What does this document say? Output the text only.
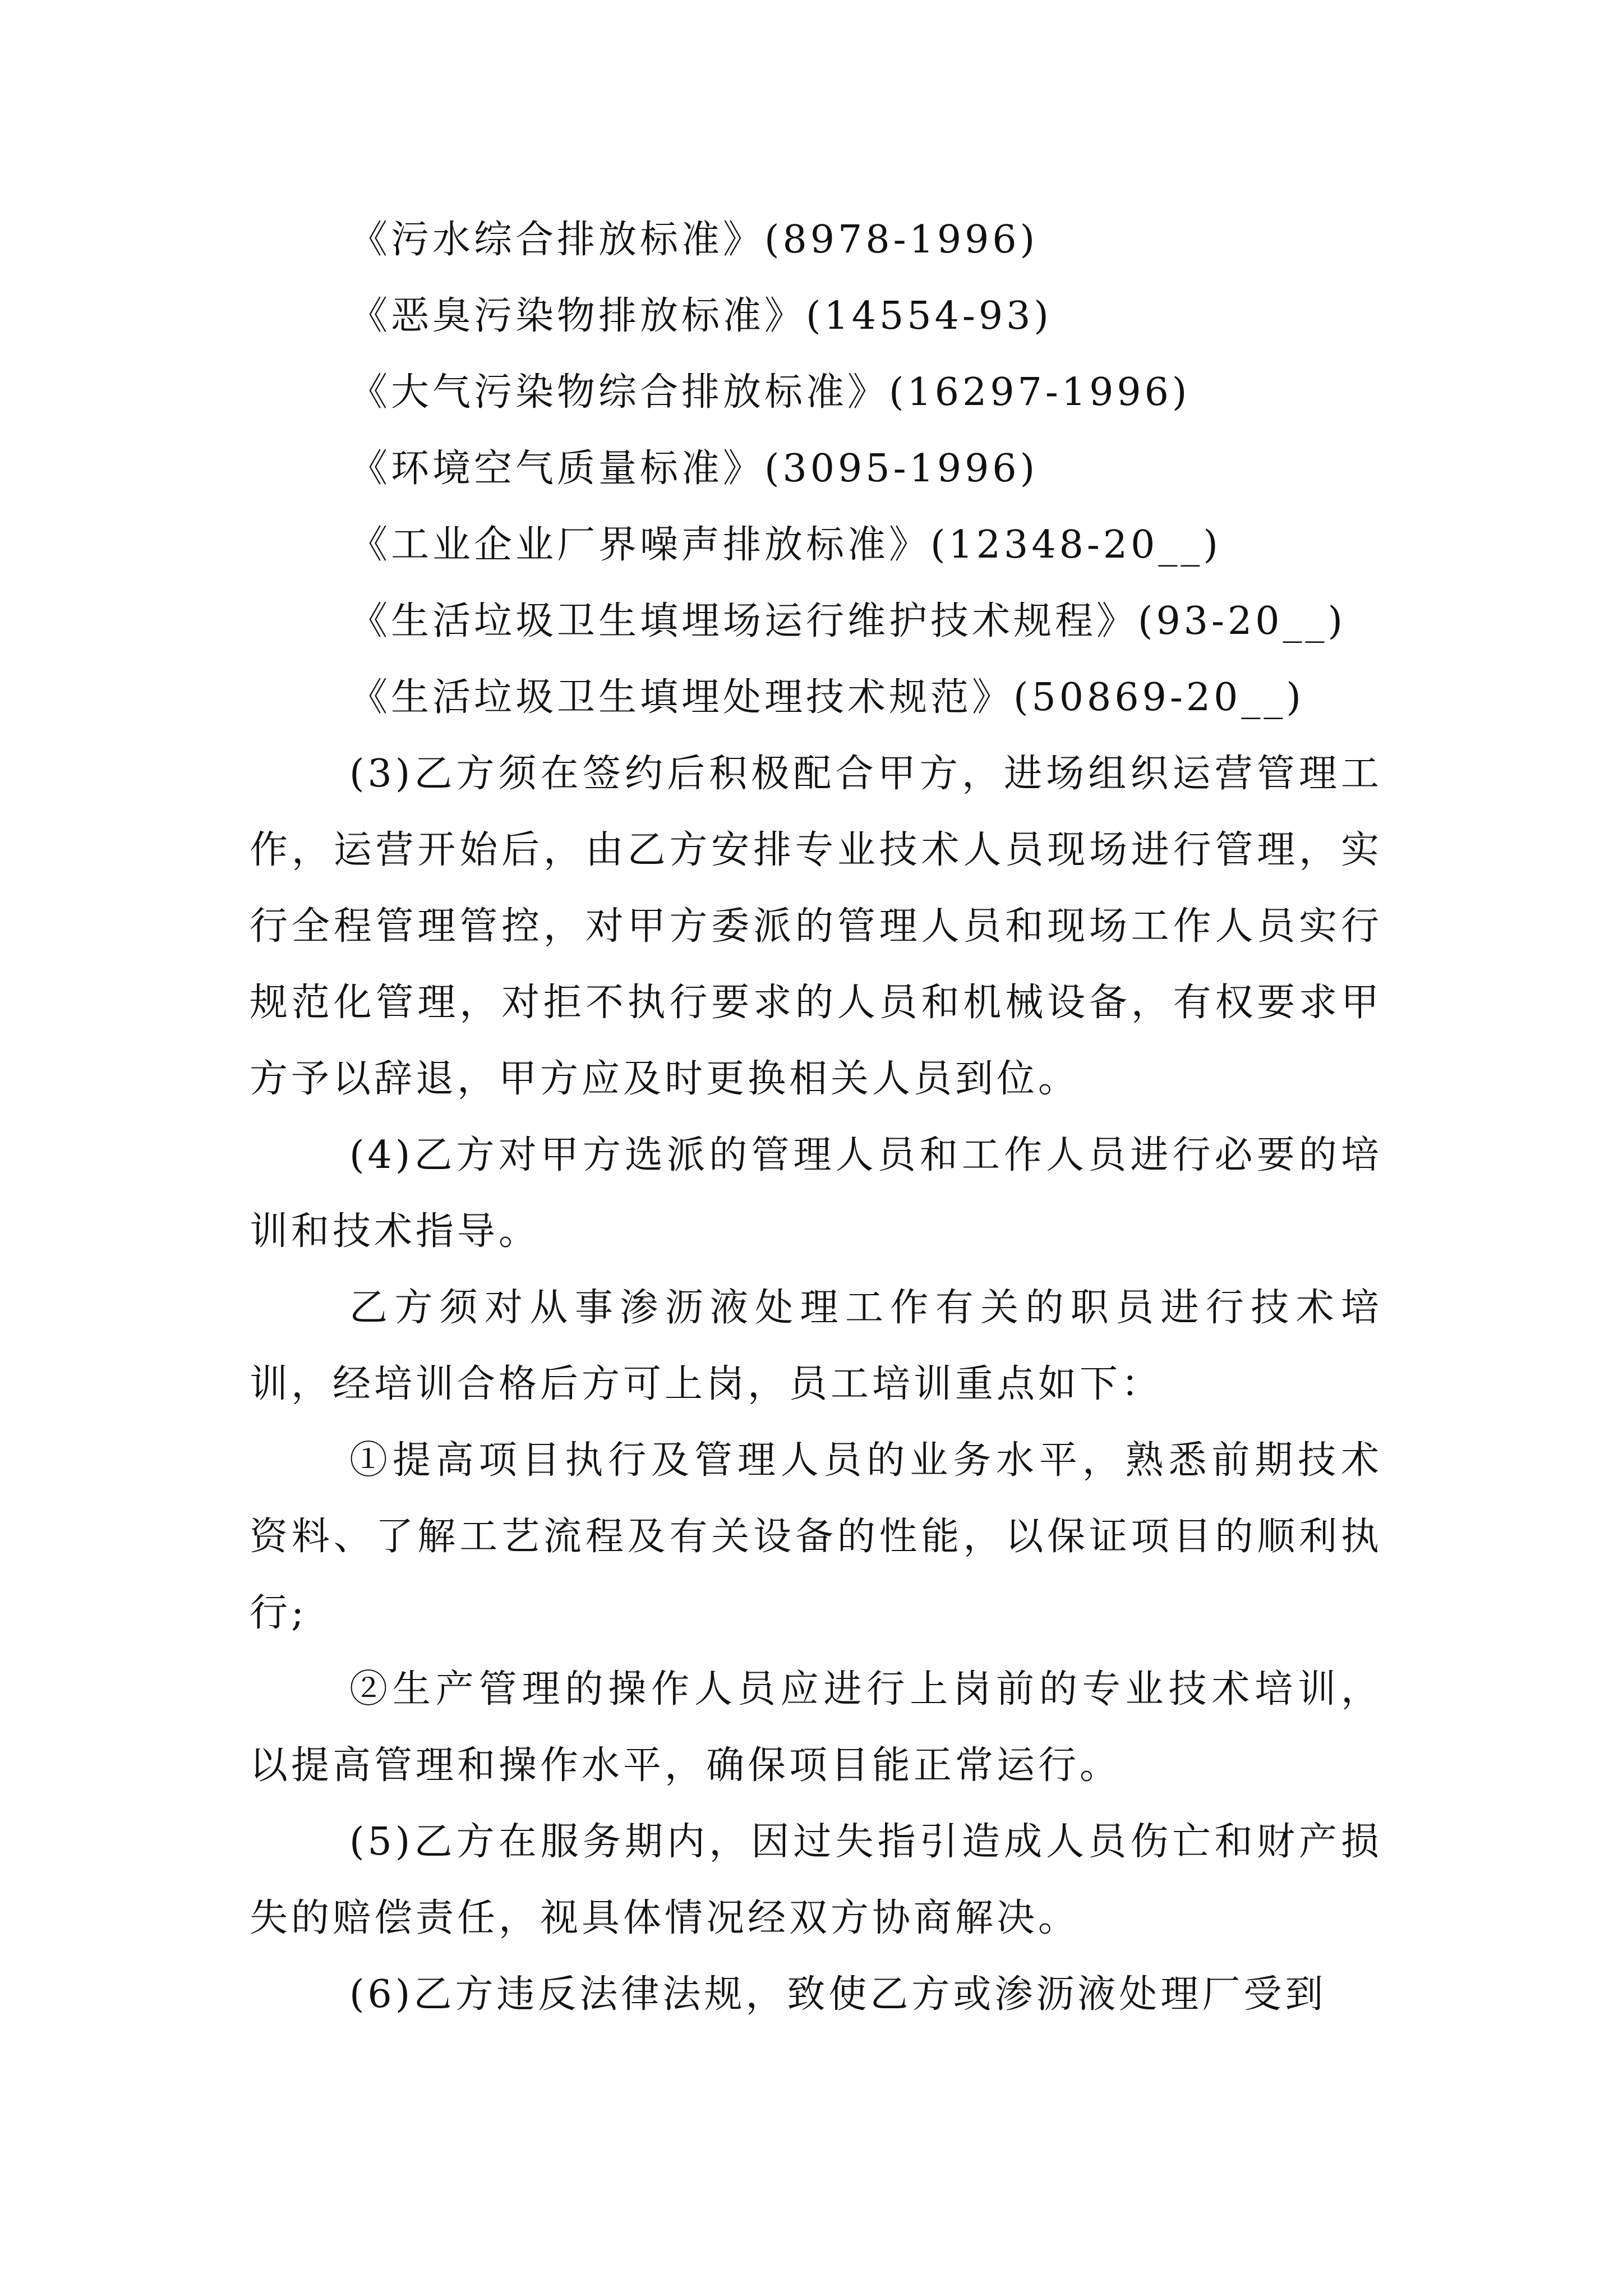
《污水综合排放标准》(8978-1996)
《恶臭污染物排放标准》(14554-93)
《大气污染物综合排放标准》(16297-1996)
《环境空气质量标准》(3095-1996)
《工业企业厂界噪声排放标准》(12348-20__)
《生活垃圾卫生填埋场运行维护技术规程》(93-20__)
《生活垃圾卫生填埋处理技术规范》(50869-20__)

(3)乙方须在签约后积极配合甲方，进场组织运营管理工作，运营开始后，由乙方安排专业技术人员现场进行管理，实行全程管理管控，对甲方委派的管理人员和现场工作人员实行规范化管理，对拒不执行要求的人员和机械设备，有权要求甲方予以辞退，甲方应及时更换相关人员到位。

(4)乙方对甲方选派的管理人员和工作人员进行必要的培训和技术指导。

乙方须对从事渗沥液处理工作有关的职员进行技术培训，经培训合格后方可上岗，员工培训重点如下：

①提高项目执行及管理人员的业务水平，熟悉前期技术资料、了解工艺流程及有关设备的性能，以保证项目的顺利执行;

②生产管理的操作人员应进行上岗前的专业技术培训，以提高管理和操作水平，确保项目能正常运行。

(5)乙方在服务期内，因过失指引造成人员伤亡和财产损失的赔偿责任，视具体情况经双方协商解决。

(6)乙方违反法律法规，致使乙方或渗沥液处理厂受到
